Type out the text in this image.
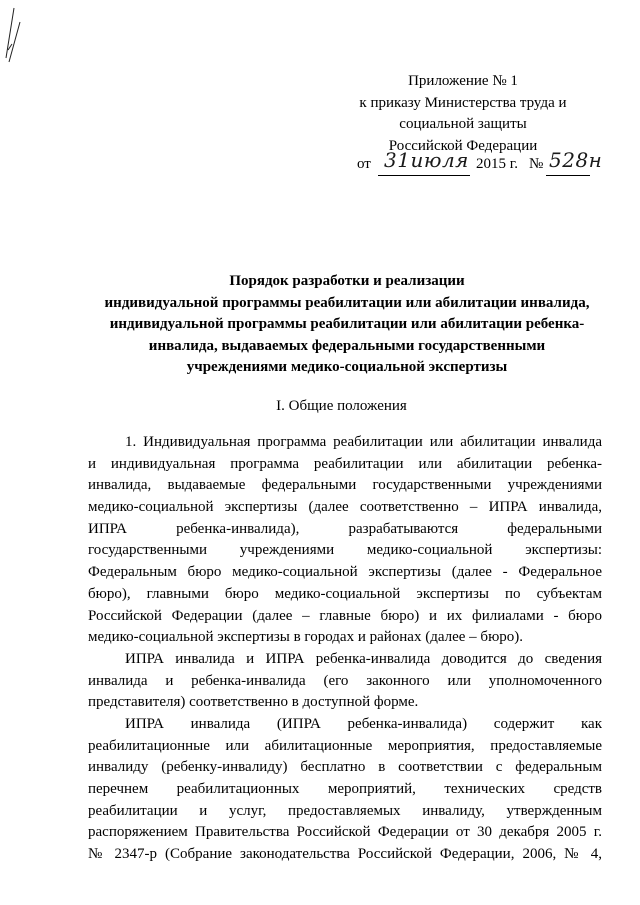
Приложение № 1
к приказу Министерства труда и
социальной защиты
Российской Федерации
от 31июля 2015 г. № 528н
Порядок разработки и реализации
индивидуальной программы реабилитации или абилитации инвалида,
индивидуальной программы реабилитации или абилитации ребенка-
инвалида, выдаваемых федеральными государственными
учреждениями медико-социальной экспертизы
I. Общие положения
1. Индивидуальная программа реабилитации или абилитации инвалида
и индивидуальная программа реабилитации или абилитации ребенка-
инвалида, выдаваемые федеральными государственными учреждениями
медико-социальной экспертизы (далее соответственно – ИПРА инвалида,
ИПРА ребенка-инвалида), разрабатываются федеральными
государственными учреждениями медико-социальной экспертизы:
Федеральным бюро медико-социальной экспертизы (далее - Федеральное
бюро), главными бюро медико-социальной экспертизы по субъектам
Российской Федерации (далее – главные бюро) и их филиалами - бюро
медико-социальной экспертизы в городах и районах (далее – бюро).
ИПРА инвалида и ИПРА ребенка-инвалида доводится до сведения
инвалида и ребенка-инвалида (его законного или уполномоченного
представителя) соответственно в доступной форме.
ИПРА инвалида (ИПРА ребенка-инвалида) содержит как
реабилитационные или абилитационные мероприятия, предоставляемые
инвалиду (ребенку-инвалиду) бесплатно в соответствии с федеральным
перечнем реабилитационных мероприятий, технических средств
реабилитации и услуг, предоставляемых инвалиду, утвержденным
распоряжением Правительства Российской Федерации от 30 декабря 2005 г.
№ 2347-р (Собрание законодательства Российской Федерации, 2006, № 4,
